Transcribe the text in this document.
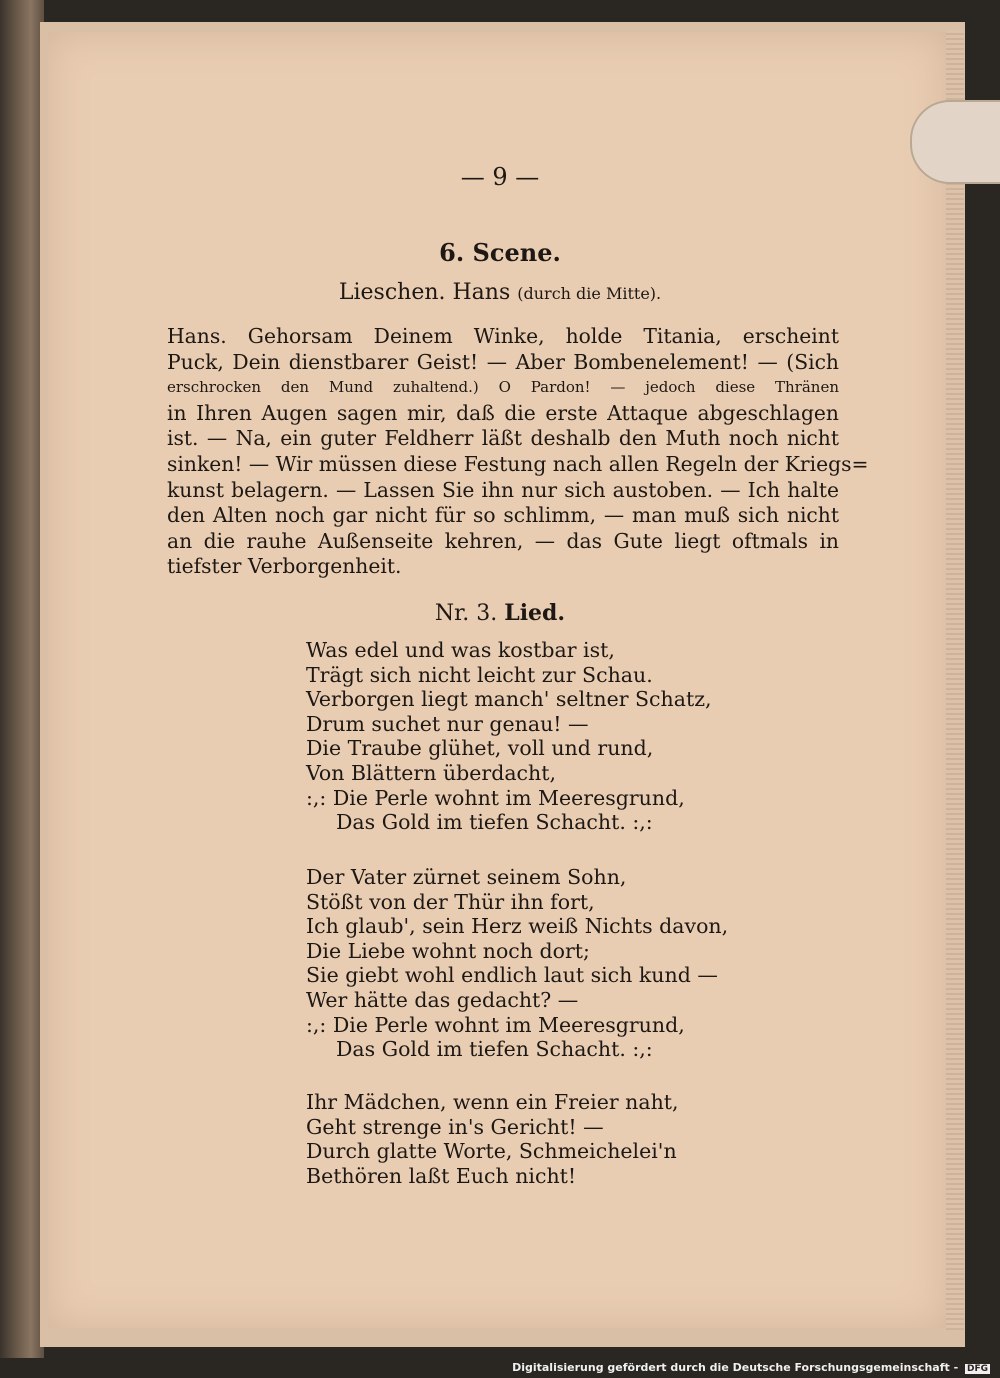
— 9 —
6. Scene.
Lieschen. Hans (durch die Mitte).
Hans. Gehorsam Deinem Winke, holde Titania, erscheint
Puck, Dein dienstbarer Geist! — Aber Bombenelement! — (Sich
erschrocken den Mund zuhaltend.) O Pardon! — jedoch diese Thränen
in Ihren Augen sagen mir, daß die erste Attaque abgeschlagen
ist. — Na, ein guter Feldherr läßt deshalb den Muth noch nicht
sinken! — Wir müssen diese Festung nach allen Regeln der Kriegs=
kunst belagern. — Lassen Sie ihn nur sich austoben. — Ich halte
den Alten noch gar nicht für so schlimm, — man muß sich nicht
an die rauhe Außenseite kehren, — das Gute liegt oftmals in
tiefster Verborgenheit.
Nr. 3. Lied.
Was edel und was kostbar ist,
Trägt sich nicht leicht zur Schau.
Verborgen liegt manch' seltner Schatz,
Drum suchet nur genau! —
Die Traube glühet, voll und rund,
Von Blättern überdacht,
:,: Die Perle wohnt im Meeresgrund,
Das Gold im tiefen Schacht. :,:
Der Vater zürnet seinem Sohn,
Stößt von der Thür ihn fort,
Ich glaub', sein Herz weiß Nichts davon,
Die Liebe wohnt noch dort;
Sie giebt wohl endlich laut sich kund —
Wer hätte das gedacht? —
:,: Die Perle wohnt im Meeresgrund,
Das Gold im tiefen Schacht. :,:
Ihr Mädchen, wenn ein Freier naht,
Geht strenge in's Gericht! —
Durch glatte Worte, Schmeichelei'n
Bethören laßt Euch nicht!
Digitalisierung gefördert durch die Deutsche Forschungsgemeinschaft - DFG
